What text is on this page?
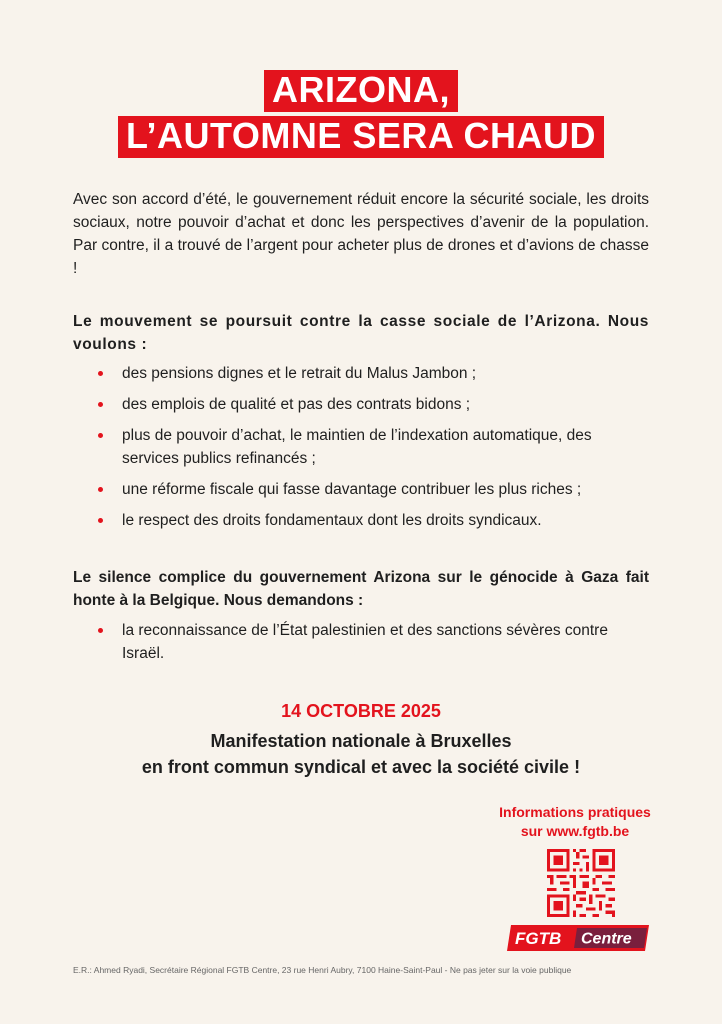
ARIZONA,
L’AUTOMNE SERA CHAUD

Avec son accord d’été, le gouvernement réduit encore la sécurité sociale, les droits sociaux, notre pouvoir d’achat et donc les perspectives d’avenir de la population. Par contre, il a trouvé de l’argent pour acheter plus de drones et d’avions de chasse !

Le mouvement se poursuit contre la casse sociale de l’Arizona. Nous voulons :

des pensions dignes et le retrait du Malus Jambon ;
des emplois de qualité et pas des contrats bidons ;
plus de pouvoir d’achat, le maintien de l’indexation automatique, des services publics refinancés ;
une réforme fiscale qui fasse davantage contribuer les plus riches ;
le respect des droits fondamentaux dont les droits syndicaux.

Le silence complice du gouvernement Arizona sur le génocide à Gaza fait honte à la Belgique. Nous demandons :

la reconnaissance de l’État palestinien et des sanctions sévères contre Israël.
14 OCTOBRE 2025
Manifestation nationale à Bruxelles
en front commun syndical et avec la société civile !
Informations pratiques
sur www.fgtb.be
FGTB Centre
E.R.: Ahmed Ryadi, Secrétaire Régional FGTB Centre, 23 rue Henri Aubry, 7100 Haine-Saint-Paul - Ne pas jeter sur la voie publique
